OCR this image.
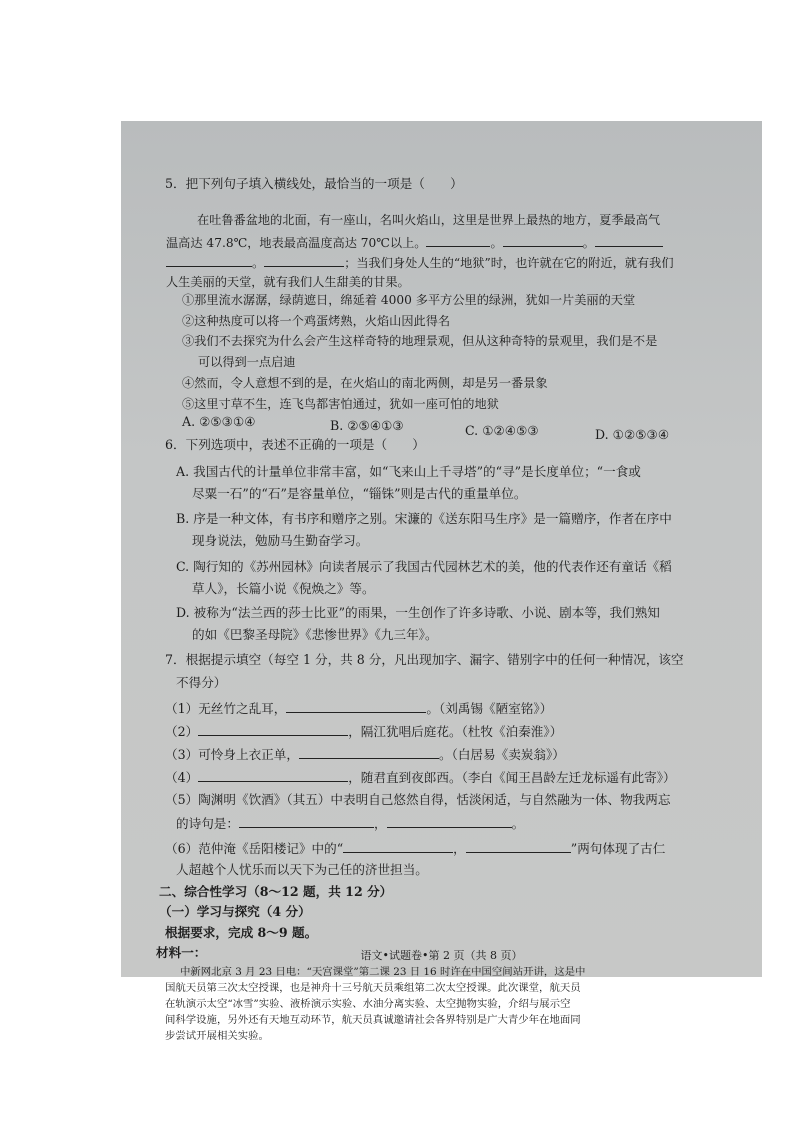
5．把下列句子填入横线处，最恰当的一项是（　　）
在吐鲁番盆地的北面，有一座山，名叫火焰山，这里是世界上最热的地方，夏季最高气
温高达 47.8℃，地表最高温度高达 70℃以上。	。	。
。	；当我们身处人生的“地狱”时，也许就在它的附近，就有我们
人生美丽的天堂，就有我们人生甜美的甘果。
①那里流水潺潺，绿荫遮日，绵延着 4000 多平方公里的绿洲，犹如一片美丽的天堂
②这种热度可以将一个鸡蛋烤熟，火焰山因此得名
③我们不去探究为什么会产生这样奇特的地理景观，但从这种奇特的景观里，我们是不是
可以得到一点启迪
④然而，令人意想不到的是，在火焰山的南北两侧，却是另一番景象
⑤这里寸草不生，连飞鸟都害怕通过，犹如一座可怕的地狱
A. ②⑤③①④	B. ②⑤④①③	C. ①②④⑤③	D. ①②⑤③④
6．下列选项中，表述不正确的一项是（　　）
A. 我国古代的计量单位非常丰富，如“飞来山上千寻塔”的“寻”是长度单位；“一食或
尽粟一石”的“石”是容量单位，“锱铢”则是古代的重量单位。
B. 序是一种文体，有书序和赠序之别。宋濂的《送东阳马生序》是一篇赠序，作者在序中
现身说法，勉励马生勤奋学习。
C. 陶行知的《苏州园林》向读者展示了我国古代园林艺术的美，他的代表作还有童话《稻
草人》，长篇小说《倪焕之》等。
D. 被称为“法兰西的莎士比亚”的雨果，一生创作了许多诗歌、小说、剧本等，我们熟知
的如《巴黎圣母院》《悲惨世界》《九三年》。
7．根据提示填空（每空 1 分，共 8 分，凡出现加字、漏字、错别字中的任何一种情况，该空
不得分）
（1）无丝竹之乱耳，	。（刘禹锡《陋室铭》）
（2）	，隔江犹唱后庭花。（杜牧《泊秦淮》）
（3）可怜身上衣正单，	。（白居易《卖炭翁》）
（4）	，随君直到夜郎西。（李白《闻王昌龄左迁龙标遥有此寄》）
（5）陶渊明《饮酒》（其五）中表明自己悠然自得，恬淡闲适，与自然融为一体、物我两忘
的诗句是：	，	。
（6）范仲淹《岳阳楼记》中的“	，	”两句体现了古仁
人超越个人忧乐而以天下为己任的济世担当。
二、综合性学习（8～12 题，共 12 分）
（一）学习与探究（4 分）
根据要求，完成 8～9 题。
材料一：
中新网北京 3 月 23 日电：“天宫课堂”第二课 23 日 16 时许在中国空间站开讲，这是中
国航天员第三次太空授课，也是神舟十三号航天员乘组第二次太空授课。此次课堂，航天员
在轨演示太空“冰雪”实验、液桥演示实验、水油分离实验、太空抛物实验，介绍与展示空
间科学设施，另外还有天地互动环节，航天员真诚邀请社会各界特别是广大青少年在地面同
步尝试开展相关实验。
语文•试题卷•第 2 页（共 8 页）
